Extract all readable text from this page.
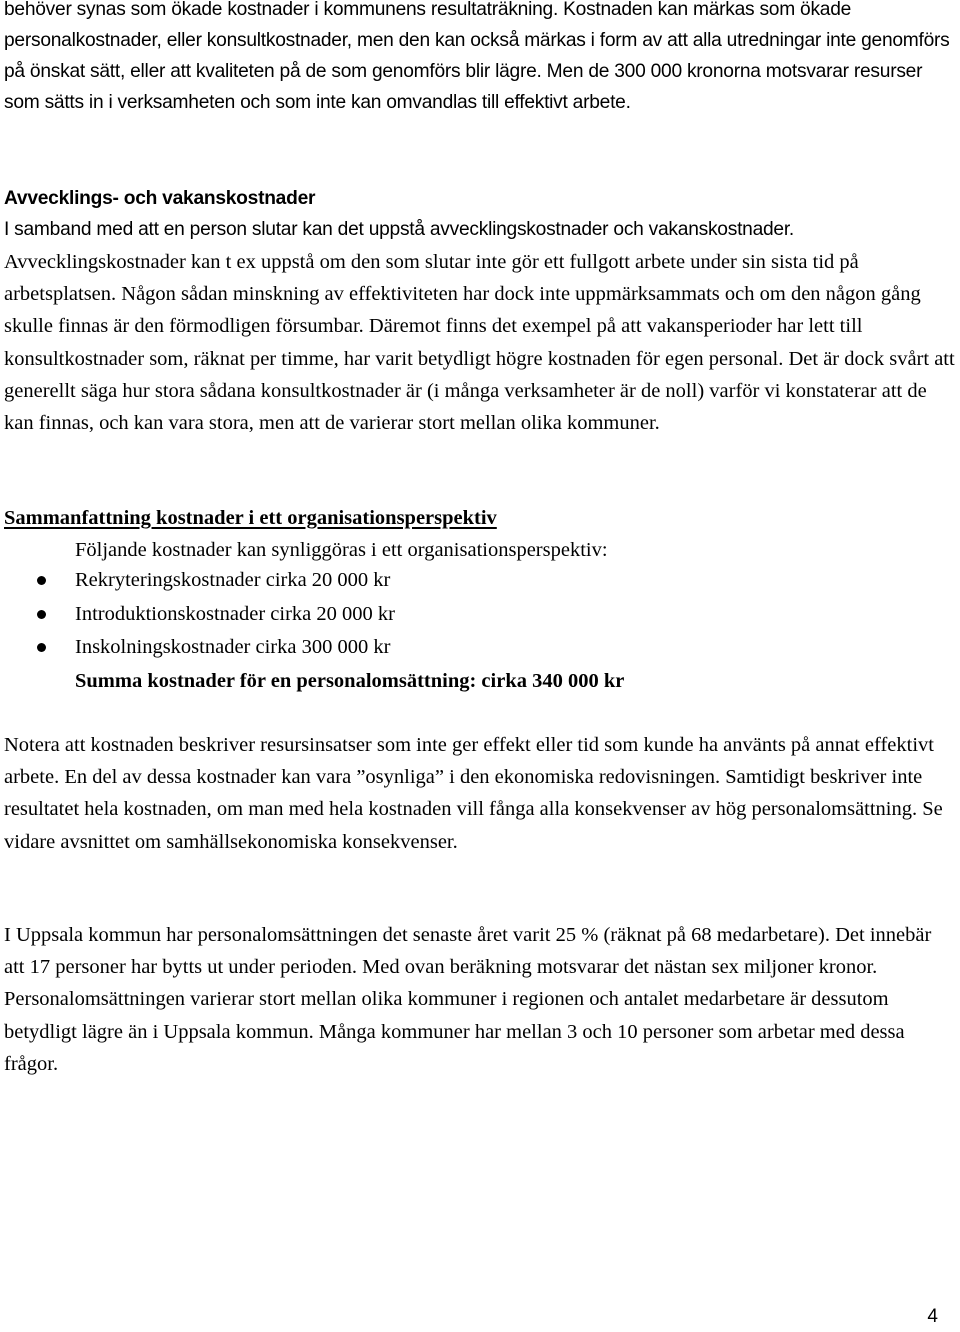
behöver synas som ökade kostnader i kommunens resultaträkning. Kostnaden kan märkas som ökade personalkostnader, eller konsultkostnader, men den kan också märkas i form av att alla utredningar inte genomförs på önskat sätt, eller att kvaliteten på de som genomförs blir lägre. Men de 300 000 kronorna motsvarar resurser som sätts in i verksamheten och som inte kan omvandlas till effektivt arbete.

Avvecklings- och vakanskostnader

I samband med att en person slutar kan det uppstå avvecklingskostnader och vakanskostnader.

Avvecklingskostnader kan t ex uppstå om den som slutar inte gör ett fullgott arbete under sin sista tid på arbetsplatsen. Någon sådan minskning av effektiviteten har dock inte uppmärksammats och om den någon gång skulle finnas är den förmodligen försumbar. Däremot finns det exempel på att vakansperioder har lett till konsultkostnader som, räknat per timme, har varit betydligt högre kostnaden för egen personal. Det är dock svårt att generellt säga hur stora sådana konsultkostnader är (i många verksamheter är de noll) varför vi konstaterar att de kan finnas, och kan vara stora, men att de varierar stort mellan olika kommuner.

Sammanfattning kostnader i ett organisationsperspektiv

Följande kostnader kan synliggöras i ett organisationsperspektiv:

Rekryteringskostnader cirka 20 000 kr
Introduktionskostnader cirka 20 000 kr
Inskolningskostnader cirka 300 000 kr

Summa kostnader för en personalomsättning: cirka 340 000 kr

Notera att kostnaden beskriver resursinsatser som inte ger effekt eller tid som kunde ha använts på annat effektivt arbete. En del av dessa kostnader kan vara ”osynliga” i den ekonomiska redovisningen. Samtidigt beskriver inte resultatet hela kostnaden, om man med hela kostnaden vill fånga alla konsekvenser av hög personalomsättning. Se vidare avsnittet om samhällsekonomiska konsekvenser.

I Uppsala kommun har personalomsättningen det senaste året varit 25 % (räknat på 68 medarbetare). Det innebär att 17 personer har bytts ut under perioden. Med ovan beräkning motsvarar det nästan sex miljoner kronor. Personalomsättningen varierar stort mellan olika kommuner i regionen och antalet medarbetare är dessutom betydligt lägre än i Uppsala kommun. Många kommuner har mellan 3 och 10 personer som arbetar med dessa frågor.

4
